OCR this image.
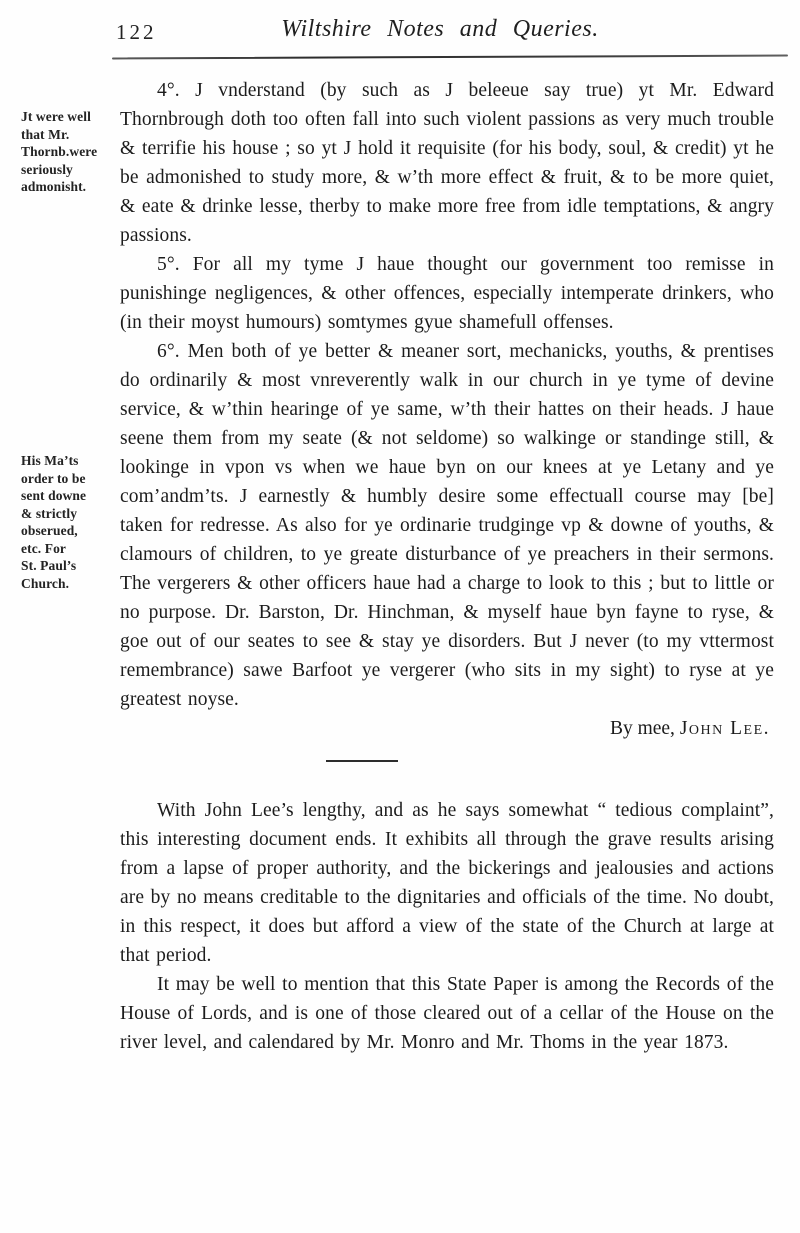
122	Wiltshire Notes and Queries.
Jt were well
that Mr.
Thornb.were
seriously
admonisht.
His Ma’ts
order to be
sent downe
& strictly
obserued,
etc. For
St. Paul’s
Church.

4°. J vnderstand (by such as J beleeue say true) yt Mr. Edward Thornbrough doth too often fall into such violent passions as very much trouble & terrifie his house ; so yt J hold it requisite (for his body, soul, & credit) yt he be admonished to study more, & w’th more effect & fruit, & to be more quiet, & eate & drinke lesse, therby to make more free from idle temptations, & angry passions.

5°. For all my tyme J haue thought our government too remisse in punishinge negligences, & other offences, especially intemperate drinkers, who (in their moyst humours) somtymes gyue shamefull offenses.

6°. Men both of ye better & meaner sort, mechanicks, youths, & prentises do ordinarily & most vnreverently walk in our church in ye tyme of devine service, & w’thin hearinge of ye same, w’th their hattes on their heads. J haue seene them from my seate (& not seldome) so walkinge or standinge still, & lookinge in vpon vs when we haue byn on our knees at ye Letany and ye com’andm’ts. J earnestly & humbly desire some effectuall course may [be] taken for redresse. As also for ye ordinarie trudginge vp & downe of youths, & clamours of children, to ye greate disturbance of ye preachers in their sermons. The vergerers & other officers haue had a charge to look to this ; but to little or no purpose. Dr. Barston, Dr. Hinchman, & myself haue byn fayne to ryse, & goe out of our seates to see & stay ye disorders. But J never (to my vttermost remembrance) sawe Barfoot ye vergerer (who sits in my sight) to ryse at ye greatest noyse.

By mee, John Lee.

With John Lee’s lengthy, and as he says somewhat “ tedious complaint”, this interesting document ends. It exhibits all through the grave results arising from a lapse of proper authority, and the bickerings and jealousies and actions are by no means creditable to the dignitaries and officials of the time. No doubt, in this respect, it does but afford a view of the state of the Church at large at that period.

It may be well to mention that this State Paper is among the Records of the House of Lords, and is one of those cleared out of a cellar of the House on the river level, and calendared by Mr. Monro and Mr. Thoms in the year 1873.
